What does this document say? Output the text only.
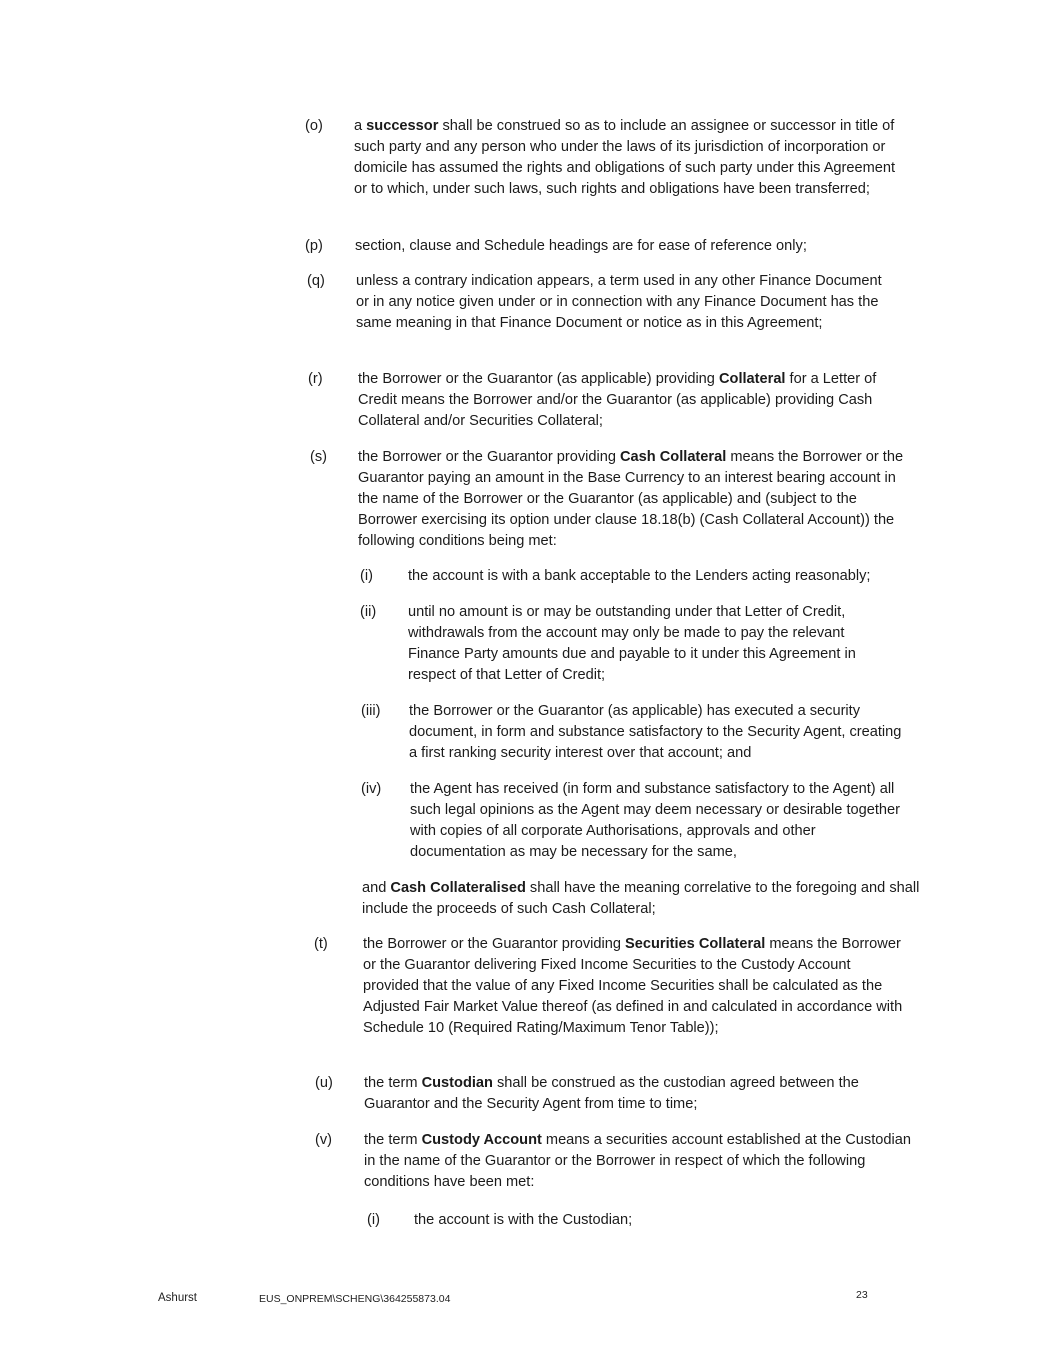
(o) a successor shall be construed so as to include an assignee or successor in title of such party and any person who under the laws of its jurisdiction of incorporation or domicile has assumed the rights and obligations of such party under this Agreement or to which, under such laws, such rights and obligations have been transferred;
(p) section, clause and Schedule headings are for ease of reference only;
(q) unless a contrary indication appears, a term used in any other Finance Document or in any notice given under or in connection with any Finance Document has the same meaning in that Finance Document or notice as in this Agreement;
(r) the Borrower or the Guarantor (as applicable) providing Collateral for a Letter of Credit means the Borrower and/or the Guarantor (as applicable) providing Cash Collateral and/or Securities Collateral;
(s) the Borrower or the Guarantor providing Cash Collateral means the Borrower or the Guarantor paying an amount in the Base Currency to an interest bearing account in the name of the Borrower or the Guarantor (as applicable) and (subject to the Borrower exercising its option under clause 18.18(b) (Cash Collateral Account)) the following conditions being met:
(i) the account is with a bank acceptable to the Lenders acting reasonably;
(ii) until no amount is or may be outstanding under that Letter of Credit, withdrawals from the account may only be made to pay the relevant Finance Party amounts due and payable to it under this Agreement in respect of that Letter of Credit;
(iii) the Borrower or the Guarantor (as applicable) has executed a security document, in form and substance satisfactory to the Security Agent, creating a first ranking security interest over that account; and
(iv) the Agent has received (in form and substance satisfactory to the Agent) all such legal opinions as the Agent may deem necessary or desirable together with copies of all corporate Authorisations, approvals and other documentation as may be necessary for the same,
and Cash Collateralised shall have the meaning correlative to the foregoing and shall include the proceeds of such Cash Collateral;
(t) the Borrower or the Guarantor providing Securities Collateral means the Borrower or the Guarantor delivering Fixed Income Securities to the Custody Account provided that the value of any Fixed Income Securities shall be calculated as the Adjusted Fair Market Value thereof (as defined in and calculated in accordance with Schedule 10 (Required Rating/Maximum Tenor Table));
(u) the term Custodian shall be construed as the custodian agreed between the Guarantor and the Security Agent from time to time;
(v) the term Custody Account means a securities account established at the Custodian in the name of the Guarantor or the Borrower in respect of which the following conditions have been met:
(i) the account is with the Custodian;
Ashurst	EUS_ONPREM\SCHENG\364255873.04	23
